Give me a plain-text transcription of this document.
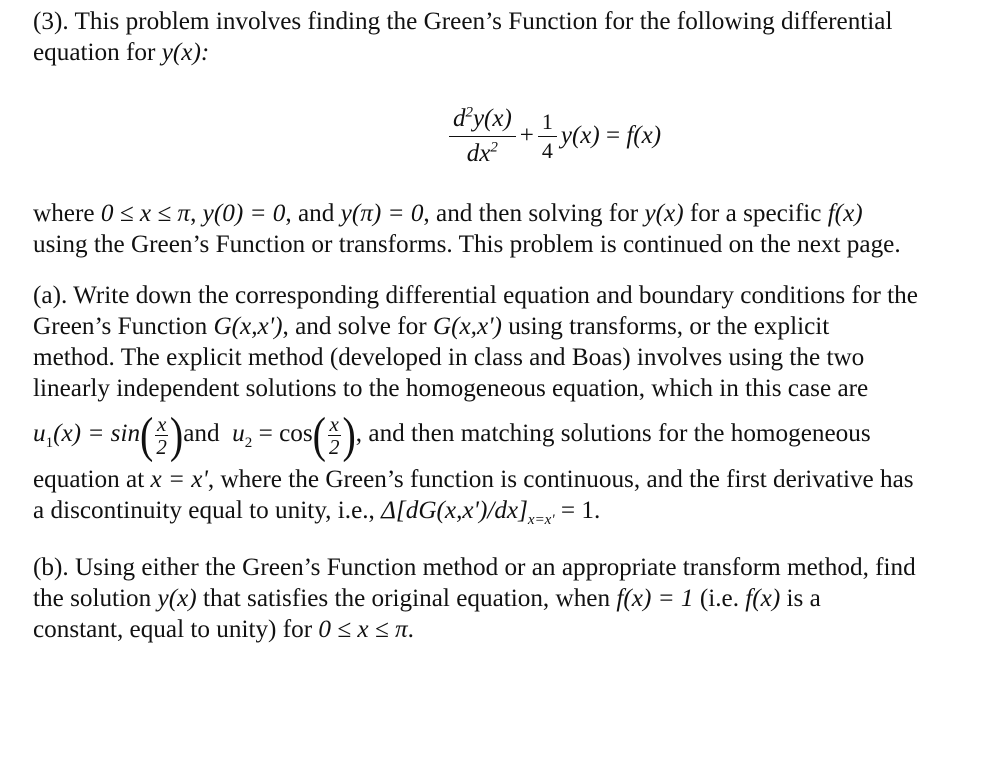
(3). This problem involves finding the Green’s Function for the following differential
equation for y(x):

$\frac{d^2y(x)}{dx^2} + \frac{1}{4} y(x)$
=
f(x)

where 0 ≤ x ≤ π, y(0) = 0, and y(π) = 0, and then solving for y(x) for a specific f(x)
using the Green’s Function or transforms. This problem is continued on the next page.

(a). Write down the corresponding differential equation and boundary conditions for the
Green’s Function G(x,x'), and solve for G(x,x') using transforms, or the explicit
method. The explicit method (developed in class and Boas) involves using the two
linearly independent solutions to the homogeneous equation, which in this case are
$u_1(x) = \sin( \frac{x}{2} )and$ $u_2 = \cos( \frac{x}{2}$ ), and then matching solutions for the homogeneous
equation at x = x', where the Green’s function is continuous, and the first derivative has
a discontinuity equal to unity, i.e., $\Delta[dG(x,x')/dx]_{x=x'} = 1$.

(b). Using either the Green’s Function method or an appropriate transform method, find
the solution y(x) that satisfies the original equation, when f(x) = 1 (i.e. f(x) is a
constant, equal to unity) for 0 ≤ x ≤ π.
